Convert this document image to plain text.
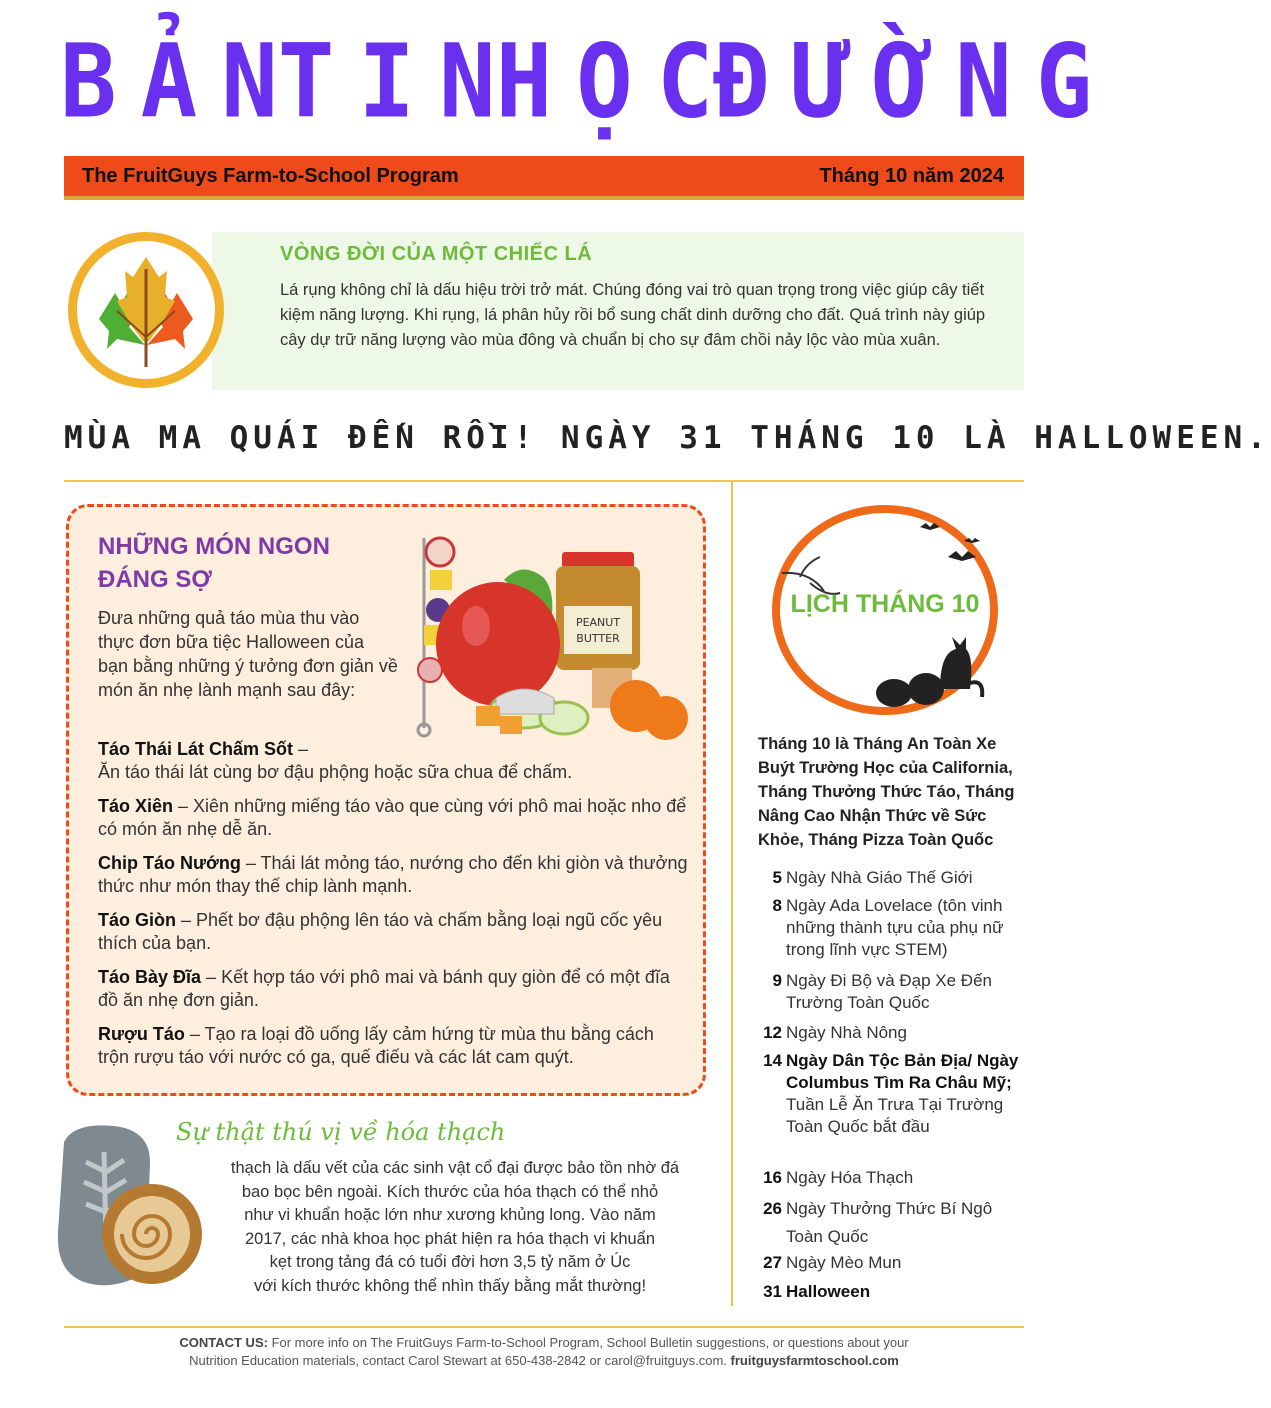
B Ả N T I N H Ọ C Đ Ư Ờ N G
The FruitGuys Farm-to-School Program	Tháng 10 năm 2024
VÒNG ĐỜI CỦA MỘT CHIẾC LÁ
Lá rụng không chỉ là dấu hiệu trời trở mát. Chúng đóng vai trò quan trọng trong việc giúp cây tiết kiệm năng lượng. Khi rụng, lá phân hủy rồi bổ sung chất dinh dưỡng cho đất. Quá trình này giúp cây dự trữ năng lượng vào mùa đông và chuẩn bị cho sự đâm chồi nảy lộc vào mùa xuân.
MÙA MA QUÁI ĐẾN RỒI! NGÀY 31 THÁNG 10 LÀ HALLOWEEN.
NHỮNG MÓN NGON ĐÁNG SỢ
Đưa những quả táo mùa thu vào thực đơn bữa tiệc Halloween của bạn bằng những ý tưởng đơn giản về món ăn nhẹ lành mạnh sau đây:
PEANUT
BUTTER
Táo Thái Lát Chấm Sốt –
Ăn táo thái lát cùng bơ đậu phộng hoặc sữa chua để chấm.
Táo Xiên – Xiên những miếng táo vào que cùng với phô mai hoặc nho để có món ăn nhẹ dễ ăn.
Chip Táo Nướng – Thái lát mỏng táo, nướng cho đến khi giòn và thưởng thức như món thay thế chip lành mạnh.
Táo Giòn – Phết bơ đậu phộng lên táo và chấm bằng loại ngũ cốc yêu thích của bạn.
Táo Bày Đĩa – Kết hợp táo với phô mai và bánh quy giòn để có một đĩa đồ ăn nhẹ đơn giản.
Rượu Táo – Tạo ra loại đồ uống lấy cảm hứng từ mùa thu bằng cách trộn rượu táo với nước có ga, quế điếu và các lát cam quýt.
Sự thật thú vị về hóa thạch
thạch là dấu vết của các sinh vật cổ đại được bảo tồn nhờ đá
bao bọc bên ngoài. Kích thước của hóa thạch có thể nhỏ
như vi khuẩn hoặc lớn như xương khủng long. Vào năm
2017, các nhà khoa học phát hiện ra hóa thạch vi khuẩn
kẹt trong tảng đá có tuổi đời hơn 3,5 tỷ năm ở Úc
với kích thước không thể nhìn thấy bằng mắt thường!
LỊCH THÁNG 10
Tháng 10 là Tháng An Toàn Xe Buýt Trường Học của California, Tháng Thưởng Thức Táo, Tháng Nâng Cao Nhận Thức về Sức Khỏe, Tháng Pizza Toàn Quốc
5 Ngày Nhà Giáo Thế Giới
8 Ngày Ada Lovelace (tôn vinh những thành tựu của phụ nữ trong lĩnh vực STEM)
9 Ngày Đi Bộ và Đạp Xe Đến Trường Toàn Quốc
12 Ngày Nhà Nông
14 Ngày Dân Tộc Bản Địa/ Ngày Columbus Tìm Ra Châu Mỹ; Tuần Lễ Ăn Trưa Tại Trường Toàn Quốc bắt đầu
16 Ngày Hóa Thạch
26 Ngày Thưởng Thức Bí Ngô Toàn Quốc
27 Ngày Mèo Mun
31 Halloween
CONTACT US: For more info on The FruitGuys Farm-to-School Program, School Bulletin suggestions, or questions about your
Nutrition Education materials, contact Carol Stewart at 650-438-2842 or carol@fruitguys.com. fruitguysfarmtoschool.com
